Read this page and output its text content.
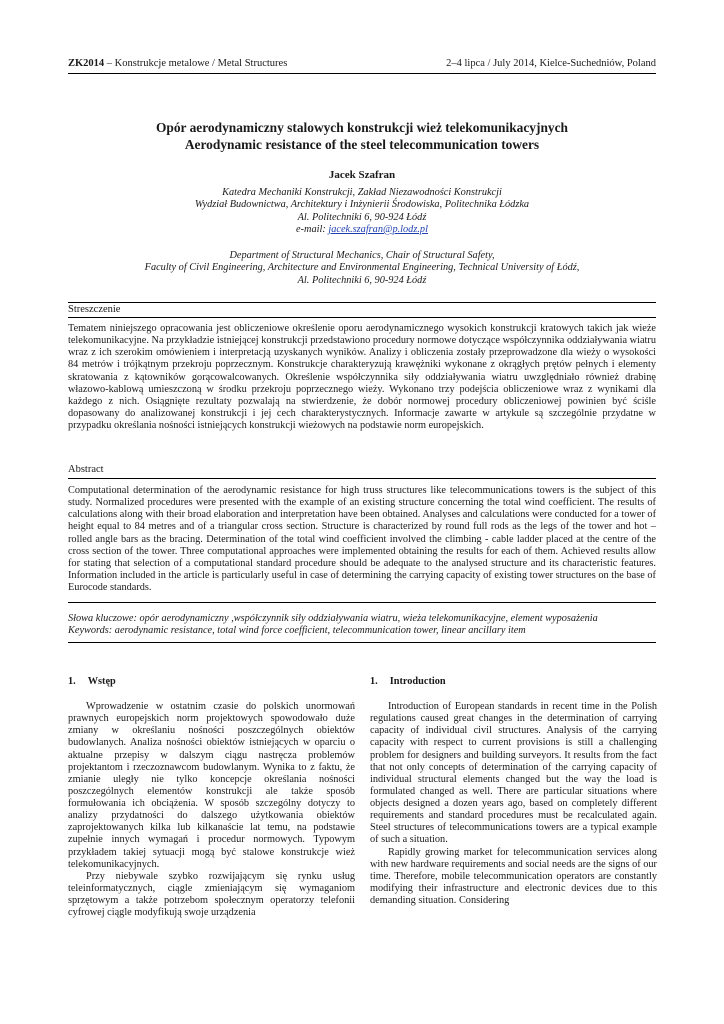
ZK2014 – Konstrukcje metalowe / Metal Structures	2–4 lipca / July 2014, Kielce-Suchedniów, Poland
Opór aerodynamiczny stalowych konstrukcji wież telekomunikacyjnych
Aerodynamic resistance of the steel telecommunication towers
Jacek Szafran
Katedra Mechaniki Konstrukcji, Zakład Niezawodności Konstrukcji
Wydział Budownictwa, Architektury i Inżynierii Środowiska, Politechnika Łódzka
Al. Politechniki 6, 90-924 Łódź
e-mail: jacek.szafran@p.lodz.pl
Department of Structural Mechanics, Chair of Structural Safety,
Faculty of Civil Engineering, Architecture and Environmental Engineering, Technical University of Łódź,
Al. Politechniki 6, 90-924 Łódź
Streszczenie
Tematem niniejszego opracowania jest obliczeniowe określenie oporu aerodynamicznego wysokich konstrukcji kratowych takich jak wieże telekomunikacyjne. Na przykładzie istniejącej konstrukcji przedstawiono procedury normowe dotyczące współczynnika oddziaływania wiatru wraz z ich szerokim omówieniem i interpretacją uzyskanych wyników. Analizy i obliczenia zostały przeprowadzone dla wieży o wysokości 84 metrów i trójkątnym przekroju poprzecznym. Konstrukcje charakteryzują krawężniki wykonane z okrągłych prętów pełnych i elementy skratowania z kątowników gorącowalcowanych. Określenie współczynnika siły oddziaływania wiatru uwzględniało również drabinę włazowo-kablową umieszczoną w środku przekroju poprzecznego wieży. Wykonano trzy podejścia obliczeniowe wraz z wynikami dla każdego z nich. Osiągnięte rezultaty pozwalają na stwierdzenie, że dobór normowej procedury obliczeniowej powinien być ściśle dopasowany do analizowanej konstrukcji i jej cech charakterystycznych. Informacje zawarte w artykule są szczególnie przydatne w przypadku określania nośności istniejących konstrukcji wieżowych na podstawie norm europejskich.
Abstract
Computational determination of the aerodynamic resistance for high truss structures like telecommunications towers is the subject of this study. Normalized procedures were presented with the example of an existing structure concerning the total wind coefficient. The results of calculations along with their broad elaboration and interpretation have been obtained. Analyses and calculations were conducted for a tower of height equal to 84 metres and of a triangular cross section. Structure is characterized by round full rods as the legs of the tower and hot – rolled angle bars as the bracing. Determination of the total wind coefficient involved the climbing - cable ladder placed at the centre of the cross section of the tower. Three computational approaches were implemented obtaining the results for each of them. Achieved results allow for stating that selection of a computational standard procedure should be adequate to the analysed structure and its characteristic features. Information included in the article is particularly useful in case of determining the carrying capacity of existing tower structures on the base of Eurocode standards.
Słowa kluczowe: opór aerodynamiczny ,współczynnik siły oddziaływania wiatru, wieża telekomunikacyjne, element wyposażenia
Keywords: aerodynamic resistance, total wind force coefficient, telecommunication tower, linear ancillary item
1. Wstęp

Wprowadzenie w ostatnim czasie do polskich unormowań prawnych europejskich norm projektowych spowodowało duże zmiany w określaniu nośności poszczególnych obiektów budowlanych. Analiza nośności obiektów istniejących w oparciu o aktualne przepisy w dalszym ciągu nastręcza problemów projektantom i rzeczoznawcom budowlanym. Wynika to z faktu, że zmianie uległy nie tylko koncepcje określania nośności poszczególnych elementów konstrukcji ale także sposób formułowania ich obciążenia. W sposób szczególny dotyczy to analizy przydatności do dalszego użytkowania obiektów zaprojektowanych kilka lub kilkanaście lat temu, na podstawie zupełnie innych wymagań i procedur normowych. Typowym przykładem takiej sytuacji mogą być stalowe konstrukcje wież telekomunikacyjnych.

Przy niebywale szybko rozwijającym się rynku usług teleinformatycznych, ciągle zmieniającym się wymaganiom sprzętowym a także potrzebom społecznym operatorzy telefonii cyfrowej ciągle modyfikują swoje urządzenia

1. Introduction

Introduction of European standards in recent time in the Polish regulations caused great changes in the determination of carrying capacity of individual civil structures. Analysis of the carrying capacity with respect to current provisions is still a challenging problem for designers and building surveyors. It results from the fact that not only concepts of determination of the carrying capacity of individual structural elements changed but the way the load is formulated changed as well. There are particular situations where objects designed a dozen years ago, based on completely different requirements and standard procedures must be recalculated again. Steel structures of telecommunications towers are a typical example of such a situation.

Rapidly growing market for telecommunication services along with new hardware requirements and social needs are the signs of our time. Therefore, mobile telecommunication operators are constantly modifying their infrastructure and electronic devices due to this demanding situation. Considering
